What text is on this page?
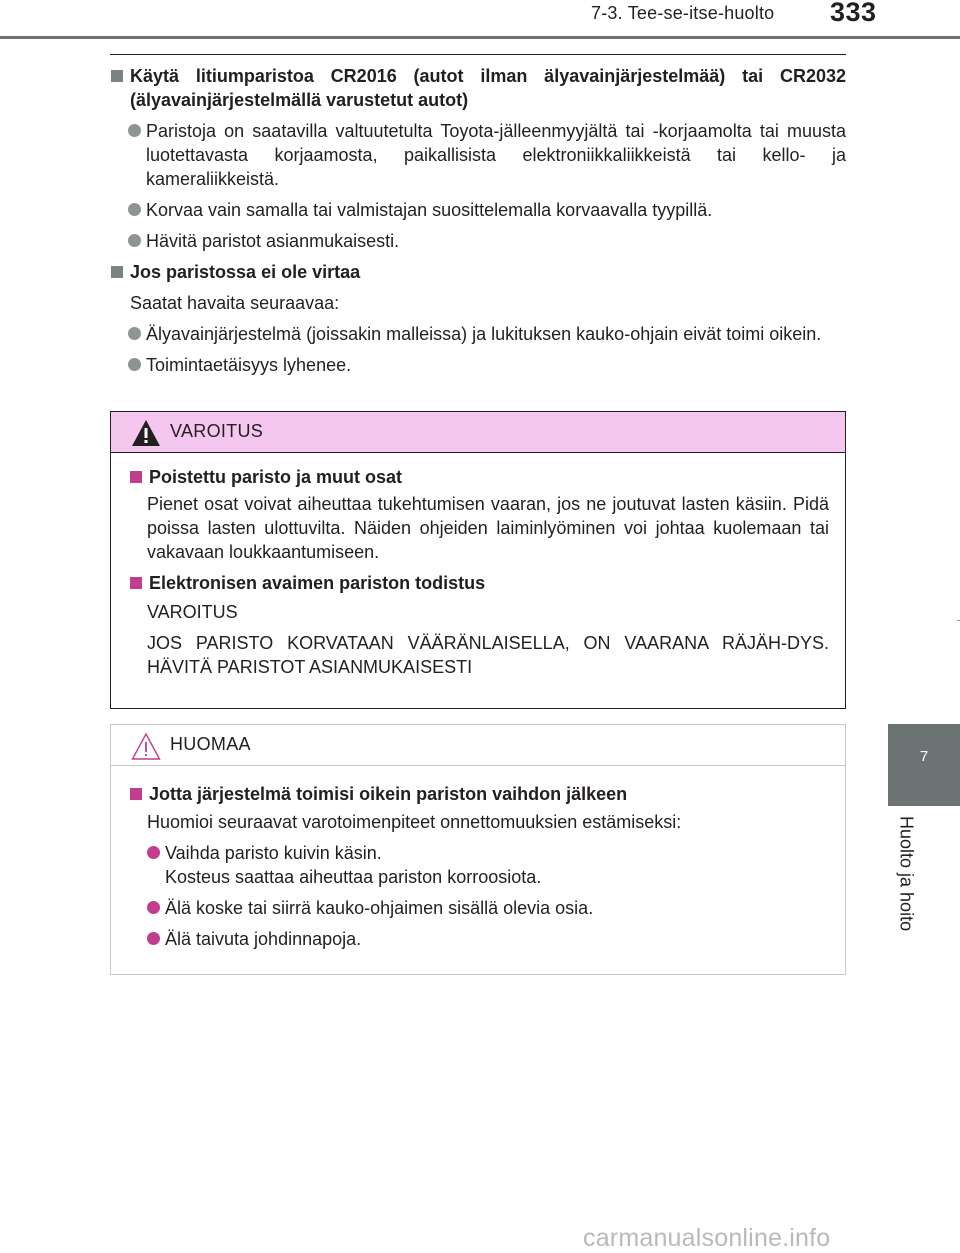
7-3. Tee-se-itse-huolto 333
7
Huolto ja hoito
Käytä litiumparistoa CR2016 (autot ilman älyavainjärjestelmää) tai CR2032 (älyavainjärjestelmällä varustetut autot)
Paristoja on saatavilla valtuutetulta Toyota-jälleenmyyjältä tai -korjaamolta tai muusta luotettavasta korjaamosta, paikallisista elektroniikkaliikkeistä tai kello- ja kameraliikkeistä.
Korvaa vain samalla tai valmistajan suosittelemalla korvaavalla tyypillä.
Hävitä paristot asianmukaisesti.
Jos paristossa ei ole virtaa
Saatat havaita seuraavaa:
Älyavainjärjestelmä (joissakin malleissa) ja lukituksen kauko-ohjain eivät toimi oikein.
Toimintaetäisyys lyhenee.
VAROITUS
Poistettu paristo ja muut osat
Pienet osat voivat aiheuttaa tukehtumisen vaaran, jos ne joutuvat lasten käsiin. Pidä poissa lasten ulottuvilta. Näiden ohjeiden laiminlyöminen voi johtaa kuolemaan tai vakavaan loukkaantumiseen.
Elektronisen avaimen pariston todistus
VAROITUS
JOS PARISTO KORVATAAN VÄÄRÄNLAISELLA, ON VAARANA RÄJÄH-DYS. HÄVITÄ PARISTOT ASIANMUKAISESTI
HUOMAA
Jotta järjestelmä toimisi oikein pariston vaihdon jälkeen
Huomioi seuraavat varotoimenpiteet onnettomuuksien estämiseksi:
Vaihda paristo kuivin käsin.
Kosteus saattaa aiheuttaa pariston korroosiota.
Älä koske tai siirrä kauko-ohjaimen sisällä olevia osia.
Älä taivuta johdinnapoja.
carmanualsonline.info
